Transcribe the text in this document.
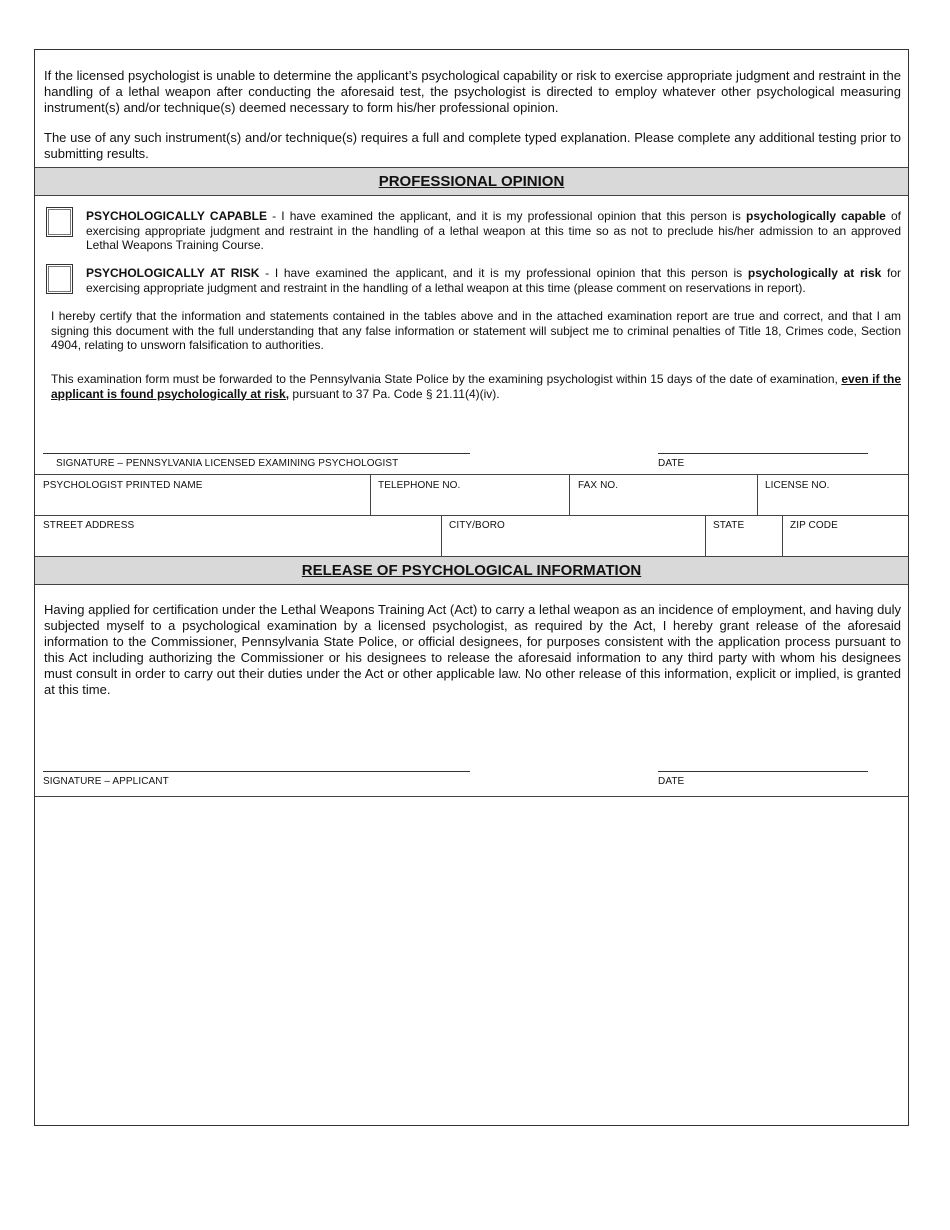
If the licensed psychologist is unable to determine the applicant’s psychological capability or risk to exercise appropriate judgment and restraint in the handling of a lethal weapon after conducting the aforesaid test, the psychologist is directed to employ whatever other psychological measuring instrument(s) and/or technique(s) deemed necessary to form his/her professional opinion.

The use of any such instrument(s) and/or technique(s) requires a full and complete typed explanation. Please complete any additional testing prior to submitting results.

PROFESSIONAL OPINION

PSYCHOLOGICALLY CAPABLE - I have examined the applicant, and it is my professional opinion that this person is psychologically capable of exercising appropriate judgment and restraint in the handling of a lethal weapon at this time so as not to preclude his/her admission to an approved Lethal Weapons Training Course.

PSYCHOLOGICALLY AT RISK - I have examined the applicant, and it is my professional opinion that this person is psychologically at risk for exercising appropriate judgment and restraint in the handling of a lethal weapon at this time (please comment on reservations in report).

I hereby certify that the information and statements contained in the tables above and in the attached examination report are true and correct, and that I am signing this document with the full understanding that any false information or statement will subject me to criminal penalties of Title 18, Crimes code, Section 4904, relating to unsworn falsification to authorities.

This examination form must be forwarded to the Pennsylvania State Police by the examining psychologist within 15 days of the date of examination, even if the applicant is found psychologically at risk, pursuant to 37 Pa. Code § 21.11(4)(iv).

SIGNATURE – PENNSYLVANIA LICENSED EXAMINING PSYCHOLOGIST	DATE
PSYCHOLOGIST PRINTED NAME	TELEPHONE NO.	FAX NO.	LICENSE NO.
STREET ADDRESS	CITY/BORO	STATE	ZIP CODE
RELEASE OF PSYCHOLOGICAL INFORMATION

Having applied for certification under the Lethal Weapons Training Act (Act) to carry a lethal weapon as an incidence of employment, and having duly subjected myself to a psychological examination by a licensed psychologist, as required by the Act, I hereby grant release of the aforesaid information to the Commissioner, Pennsylvania State Police, or official designees, for purposes consistent with the application process pursuant to this Act including authorizing the Commissioner or his designees to release the aforesaid information to any third party with whom his designees must consult in order to carry out their duties under the Act or other applicable law. No other release of this information, explicit or implied, is granted at this time.

SIGNATURE – APPLICANT	DATE
